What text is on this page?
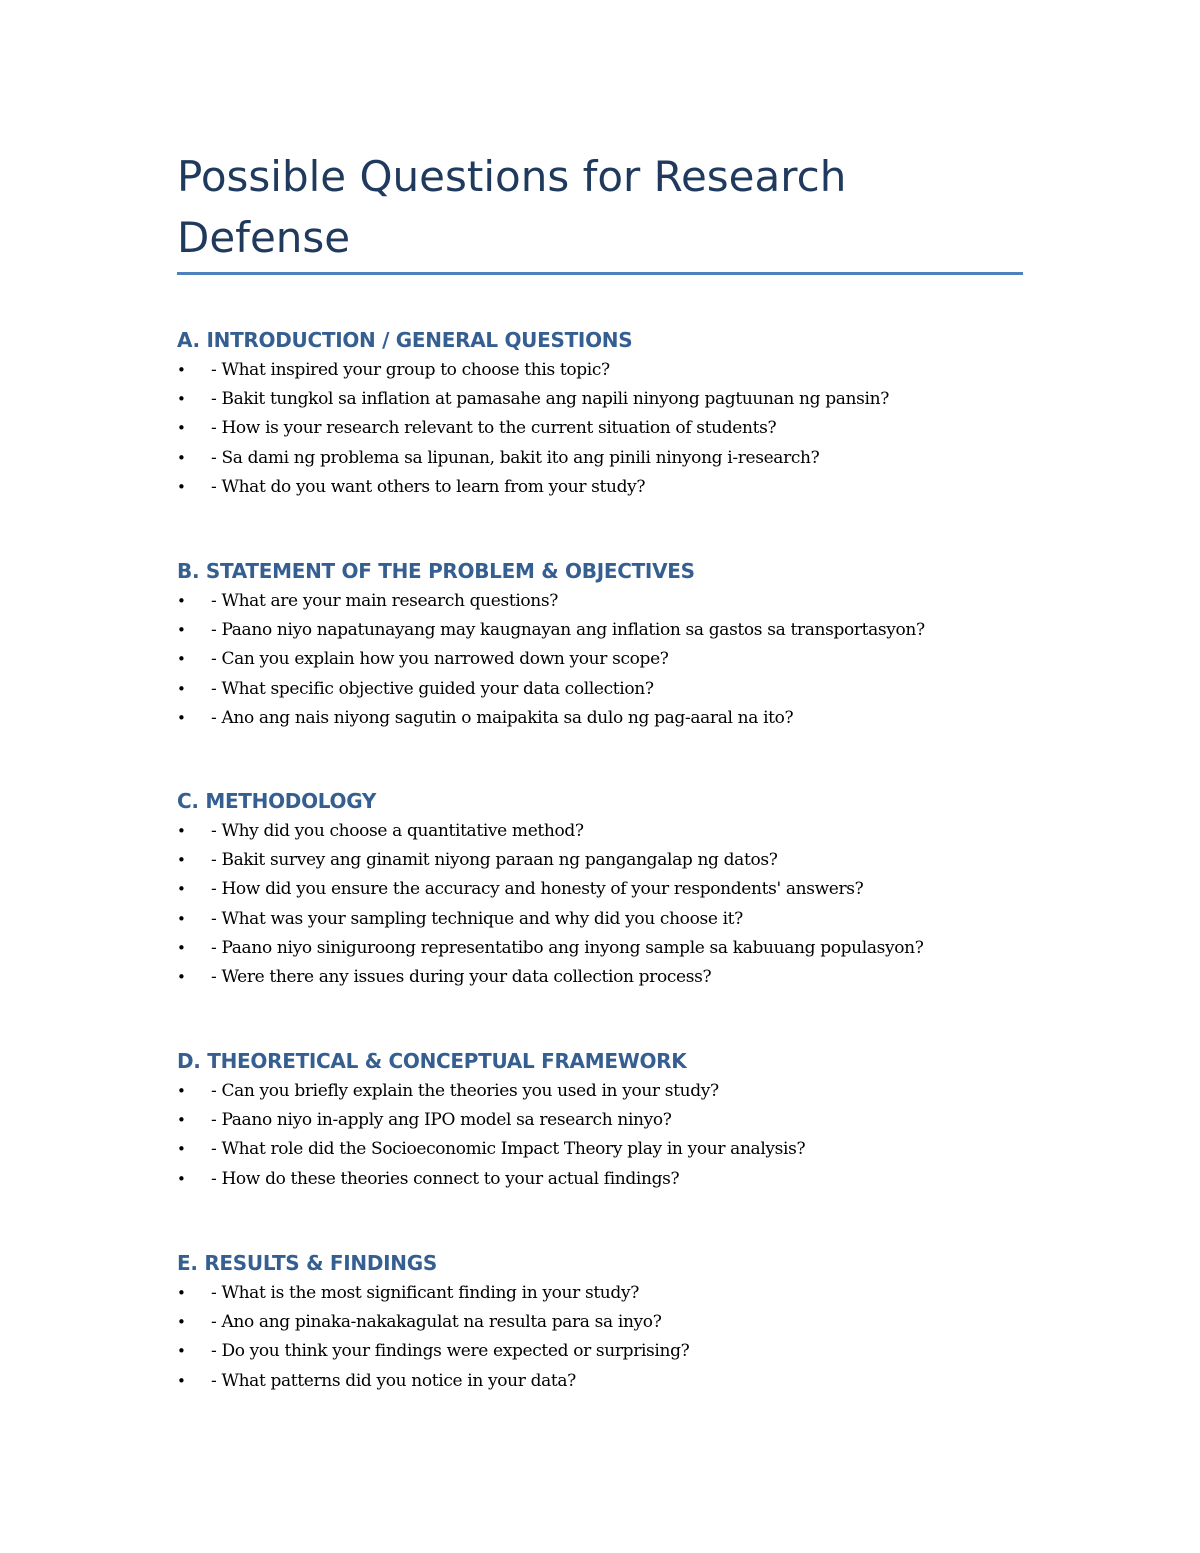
Possible Questions for Research Defense
A. INTRODUCTION / GENERAL QUESTIONS
• - What inspired your group to choose this topic?
• - Bakit tungkol sa inflation at pamasahe ang napili ninyong pagtuunan ng pansin?
• - How is your research relevant to the current situation of students?
• - Sa dami ng problema sa lipunan, bakit ito ang pinili ninyong i-research?
• - What do you want others to learn from your study?
B. STATEMENT OF THE PROBLEM & OBJECTIVES
• - What are your main research questions?
• - Paano niyo napatunayang may kaugnayan ang inflation sa gastos sa transportasyon?
• - Can you explain how you narrowed down your scope?
• - What specific objective guided your data collection?
• - Ano ang nais niyong sagutin o maipakita sa dulo ng pag-aaral na ito?
C. METHODOLOGY
• - Why did you choose a quantitative method?
• - Bakit survey ang ginamit niyong paraan ng pangangalap ng datos?
• - How did you ensure the accuracy and honesty of your respondents' answers?
• - What was your sampling technique and why did you choose it?
• - Paano niyo siniguroong representatibo ang inyong sample sa kabuuang populasyon?
• - Were there any issues during your data collection process?
D. THEORETICAL & CONCEPTUAL FRAMEWORK
• - Can you briefly explain the theories you used in your study?
• - Paano niyo in-apply ang IPO model sa research ninyo?
• - What role did the Socioeconomic Impact Theory play in your analysis?
• - How do these theories connect to your actual findings?
E. RESULTS & FINDINGS
• - What is the most significant finding in your study?
• - Ano ang pinaka-nakakagulat na resulta para sa inyo?
• - Do you think your findings were expected or surprising?
• - What patterns did you notice in your data?
